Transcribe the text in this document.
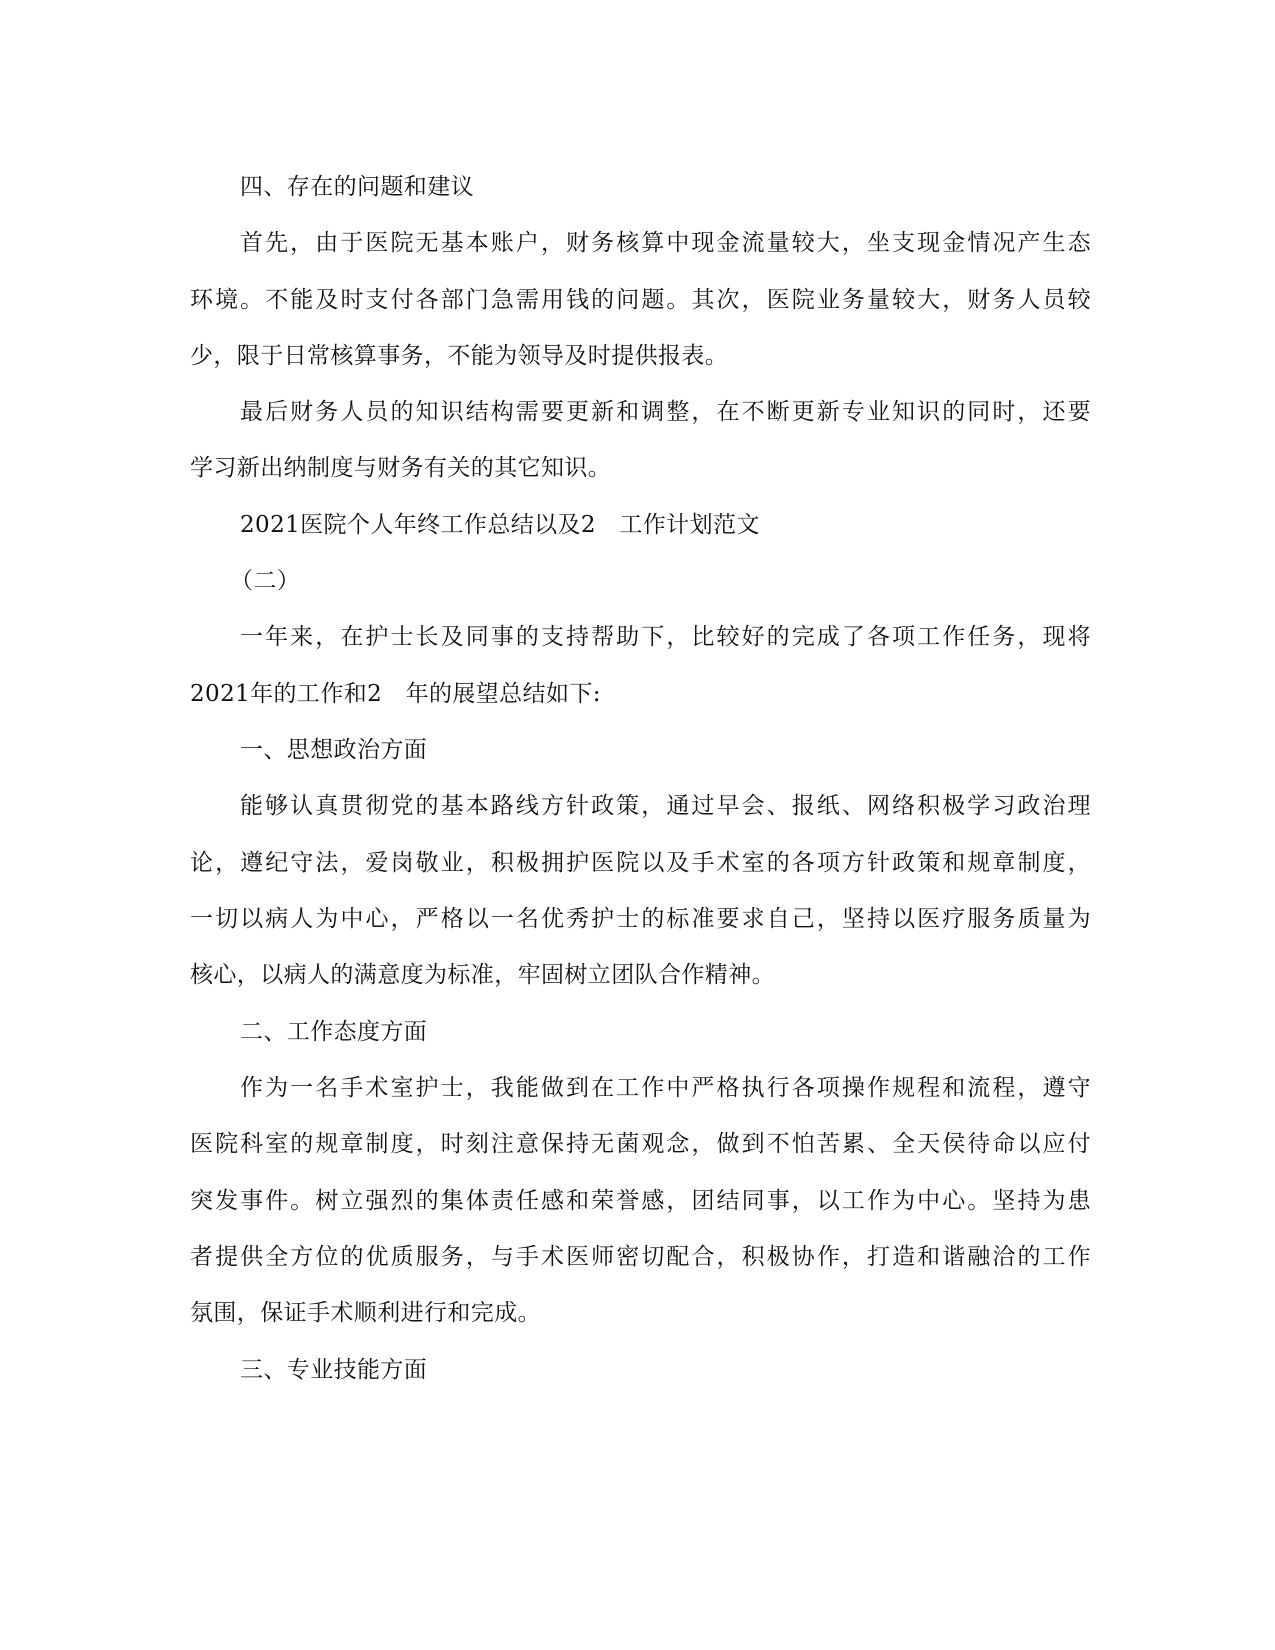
四、存在的问题和建议
首先，由于医院无基本账户，财务核算中现金流量较大，坐支现金情况产生态
环境。不能及时支付各部门急需用钱的问题。其次，医院业务量较大，财务人员较
少，限于日常核算事务，不能为领导及时提供报表。
最后财务人员的知识结构需要更新和调整，在不断更新专业知识的同时，还要
学习新出纳制度与财务有关的其它知识。
2021医院个人年终工作总结以及2　工作计划范文
（二）
一年来，在护士长及同事的支持帮助下，比较好的完成了各项工作任务，现将
2021年的工作和2　年的展望总结如下:
一、思想政治方面
能够认真贯彻党的基本路线方针政策，通过早会、报纸、网络积极学习政治理
论，遵纪守法，爱岗敬业，积极拥护医院以及手术室的各项方针政策和规章制度，
一切以病人为中心，严格以一名优秀护士的标准要求自己，坚持以医疗服务质量为
核心，以病人的满意度为标准，牢固树立团队合作精神。
二、工作态度方面
作为一名手术室护士，我能做到在工作中严格执行各项操作规程和流程，遵守
医院科室的规章制度，时刻注意保持无菌观念，做到不怕苦累、全天侯待命以应付
突发事件。树立强烈的集体责任感和荣誉感，团结同事，以工作为中心。坚持为患
者提供全方位的优质服务，与手术医师密切配合，积极协作，打造和谐融洽的工作
氛围，保证手术顺利进行和完成。
三、专业技能方面
